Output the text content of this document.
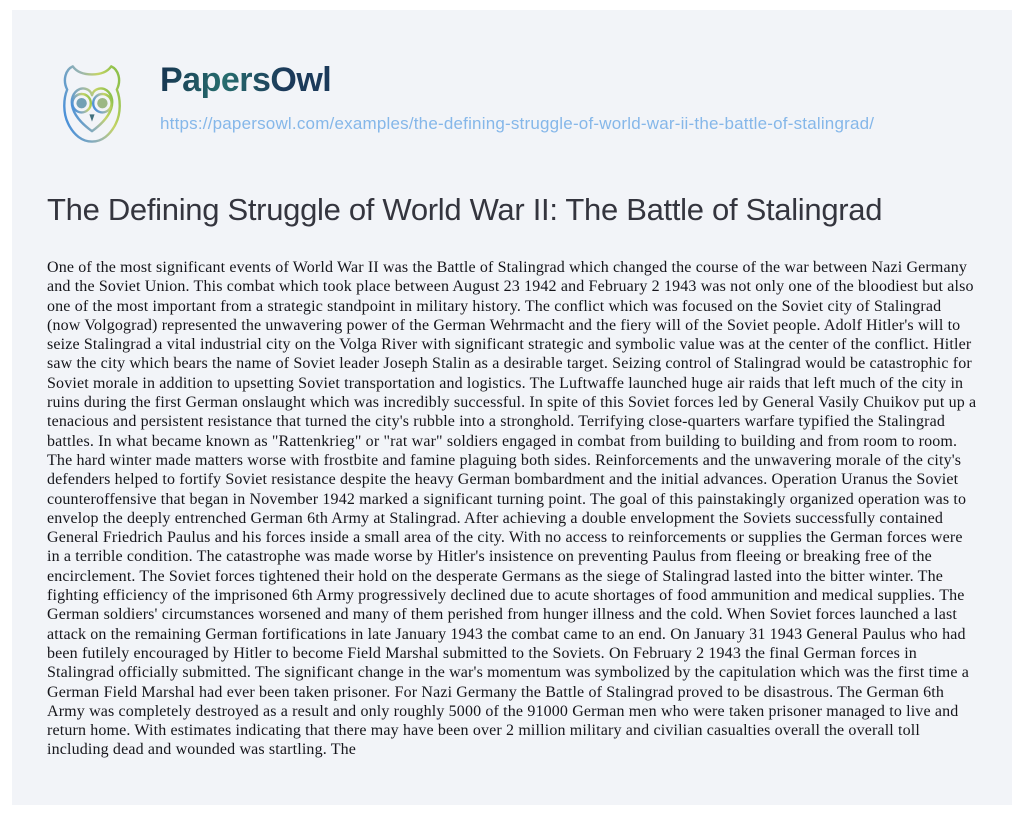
PapersOwl
https://papersowl.com/examples/the-defining-struggle-of-world-war-ii-the-battle-of-stalingrad/
The Defining Struggle of World War II: The Battle of Stalingrad
One of the most significant events of World War II was the Battle of Stalingrad which changed the course of the war between Nazi Germany and the Soviet Union. This combat which took place between August 23 1942 and February 2 1943 was not only one of the bloodiest but also one of the most important from a strategic standpoint in military history. The conflict which was focused on the Soviet city of Stalingrad (now Volgograd) represented the unwavering power of the German Wehrmacht and the fiery will of the Soviet people. Adolf Hitler's will to seize Stalingrad a vital industrial city on the Volga River with significant strategic and symbolic value was at the center of the conflict. Hitler saw the city which bears the name of Soviet leader Joseph Stalin as a desirable target. Seizing control of Stalingrad would be catastrophic for Soviet morale in addition to upsetting Soviet transportation and logistics. The Luftwaffe launched huge air raids that left much of the city in ruins during the first German onslaught which was incredibly successful. In spite of this Soviet forces led by General Vasily Chuikov put up a tenacious and persistent resistance that turned the city's rubble into a stronghold. Terrifying close-quarters warfare typified the Stalingrad battles. In what became known as "Rattenkrieg" or "rat war" soldiers engaged in combat from building to building and from room to room. The hard winter made matters worse with frostbite and famine plaguing both sides. Reinforcements and the unwavering morale of the city's defenders helped to fortify Soviet resistance despite the heavy German bombardment and the initial advances. Operation Uranus the Soviet counteroffensive that began in November 1942 marked a significant turning point. The goal of this painstakingly organized operation was to envelop the deeply entrenched German 6th Army at Stalingrad. After achieving a double envelopment the Soviets successfully contained General Friedrich Paulus and his forces inside a small area of the city. With no access to reinforcements or supplies the German forces were in a terrible condition. The catastrophe was made worse by Hitler's insistence on preventing Paulus from fleeing or breaking free of the encirclement. The Soviet forces tightened their hold on the desperate Germans as the siege of Stalingrad lasted into the bitter winter. The fighting efficiency of the imprisoned 6th Army progressively declined due to acute shortages of food ammunition and medical supplies. The German soldiers' circumstances worsened and many of them perished from hunger illness and the cold. When Soviet forces launched a last attack on the remaining German fortifications in late January 1943 the combat came to an end. On January 31 1943 General Paulus who had been futilely encouraged by Hitler to become Field Marshal submitted to the Soviets. On February 2 1943 the final German forces in Stalingrad officially submitted. The significant change in the war's momentum was symbolized by the capitulation which was the first time a German Field Marshal had ever been taken prisoner. For Nazi Germany the Battle of Stalingrad proved to be disastrous. The German 6th Army was completely destroyed as a result and only roughly 5000 of the 91000 German men who were taken prisoner managed to live and return home. With estimates indicating that there may have been over 2 million military and civilian casualties overall the overall toll including dead and wounded was startling. The
